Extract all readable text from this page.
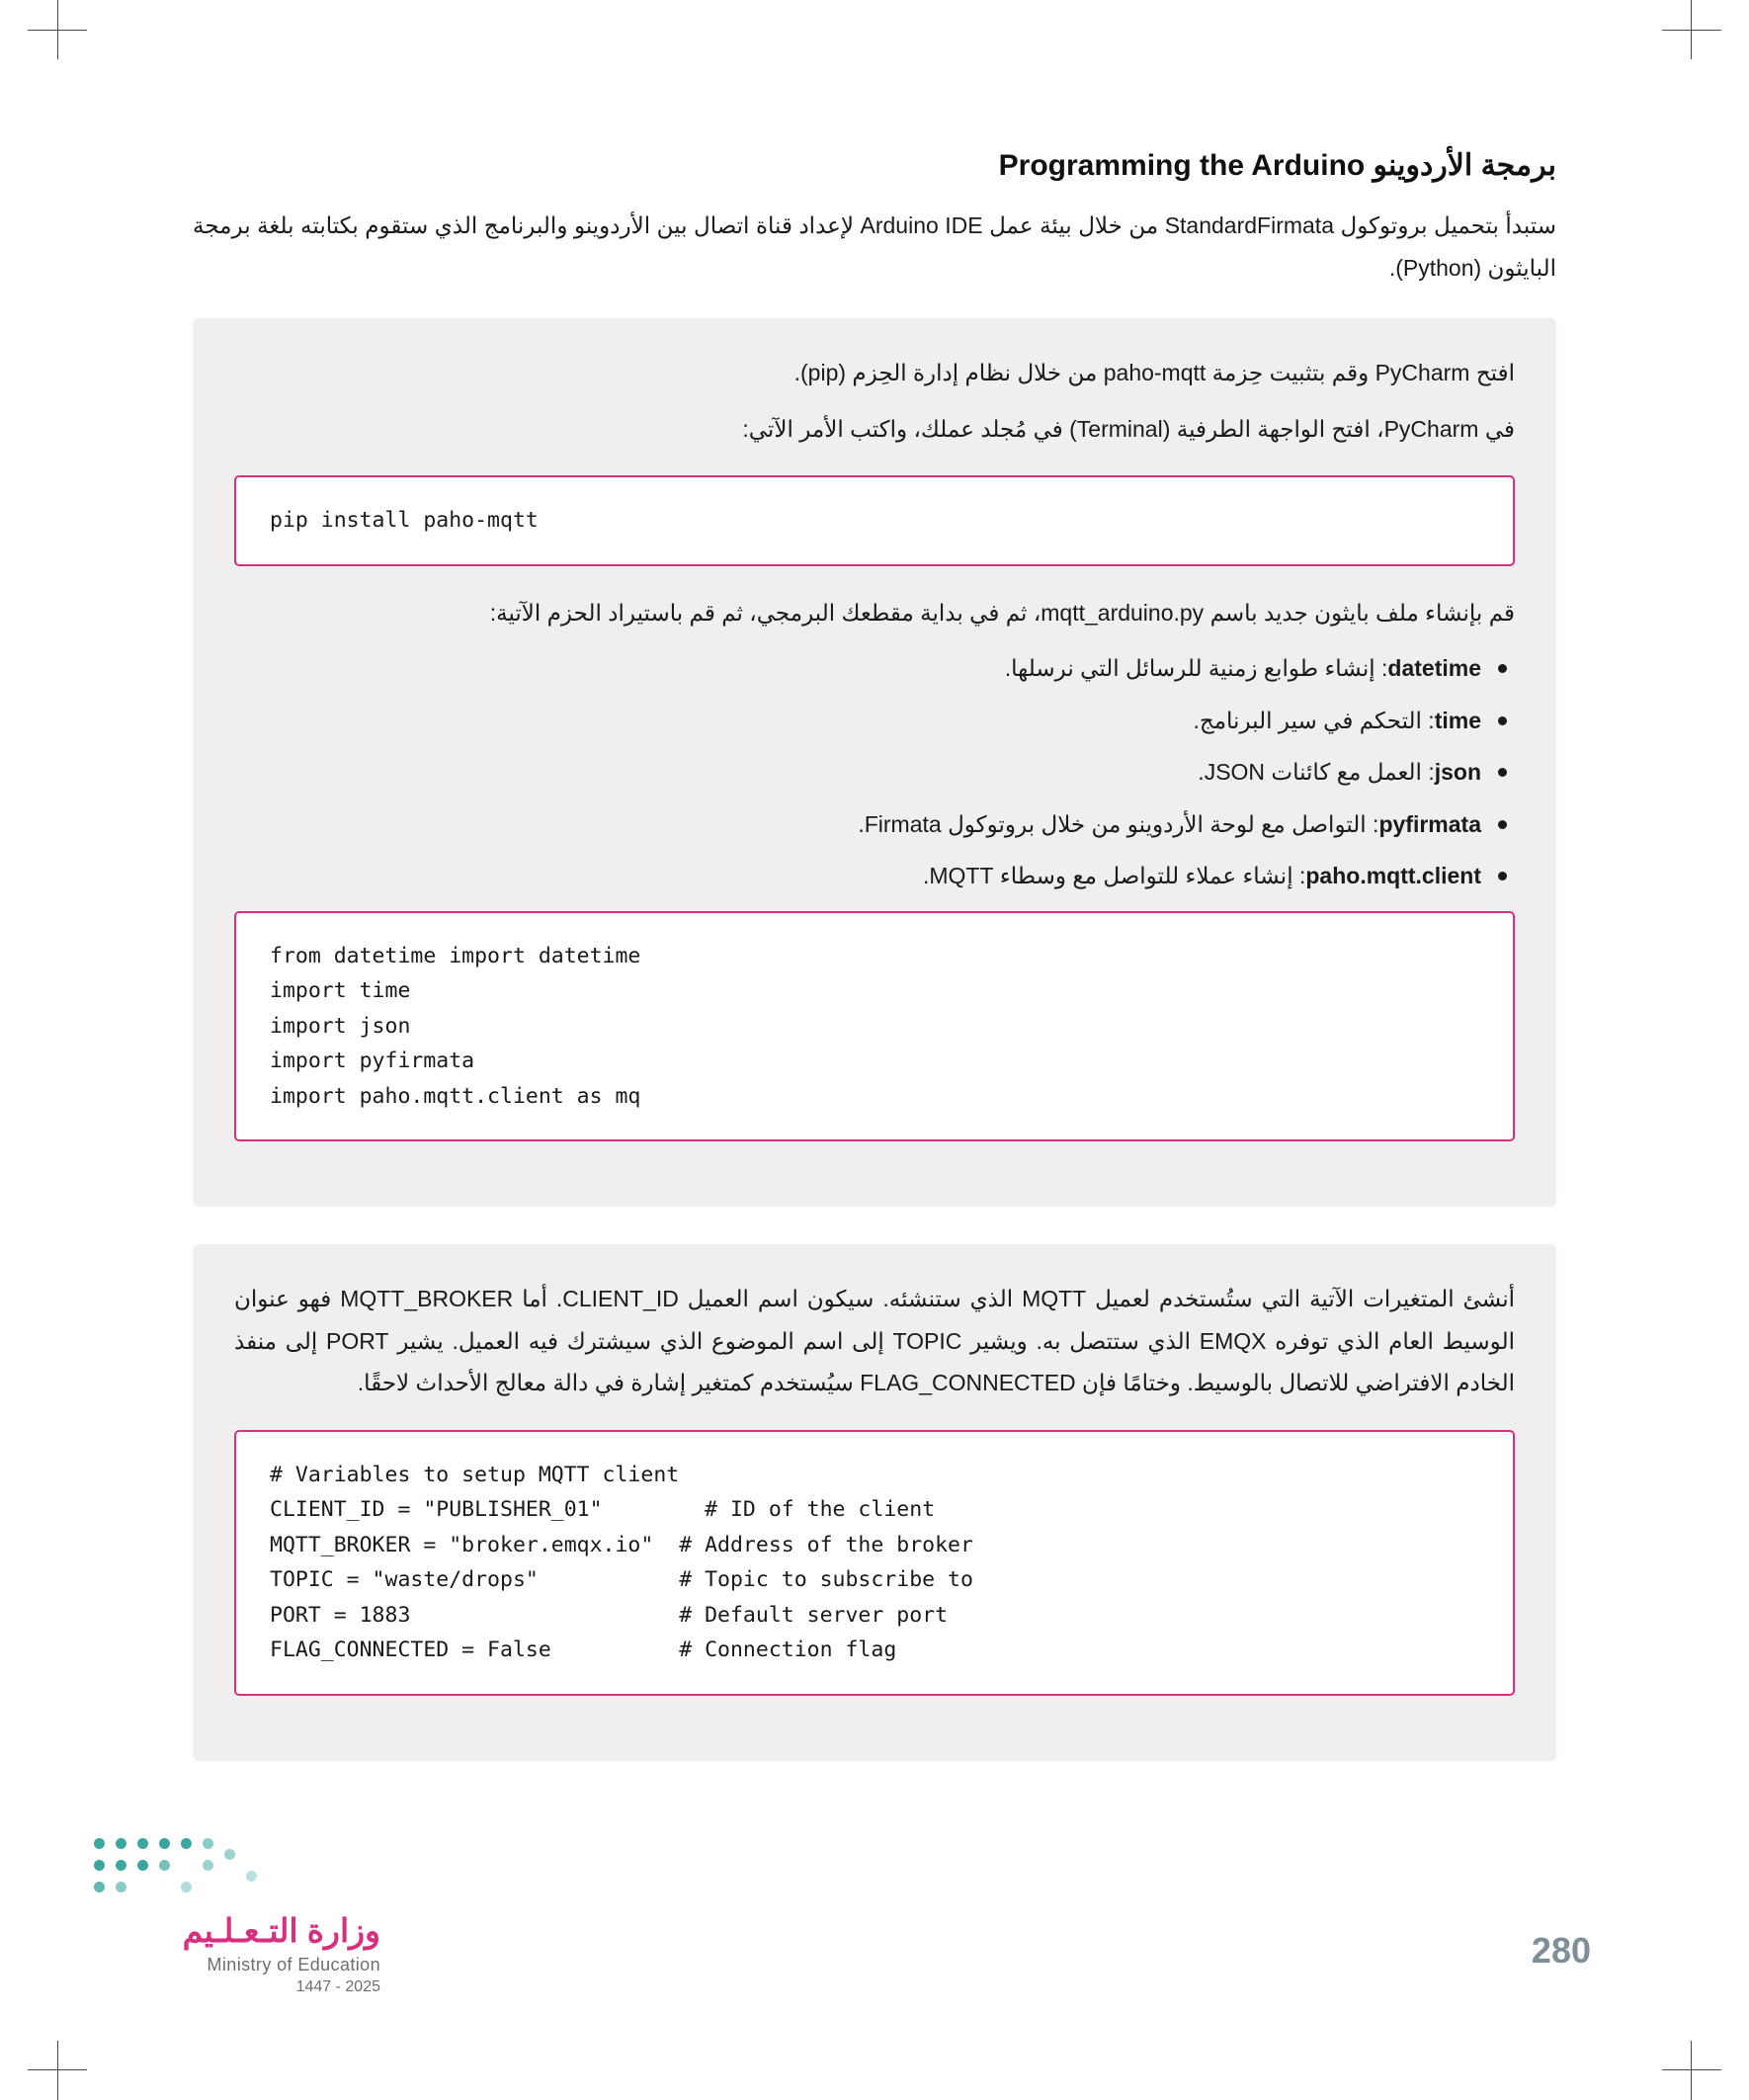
برمجة الأردوينو Programming the Arduino

ستبدأ بتحميل بروتوكول StandardFirmata من خلال بيئة عمل Arduino IDE لإعداد قناة اتصال بين الأردوينو والبرنامج الذي ستقوم بكتابته بلغة برمجة البايثون (Python).

افتح PyCharm وقم بتثبيت حِزمة paho-mqtt من خلال نظام إدارة الحِزم (pip).

في PyCharm، افتح الواجهة الطرفية (Terminal) في مُجلد عملك، واكتب الأمر الآتي:

pip install paho-mqtt

قم بإنشاء ملف بايثون جديد باسم mqtt_arduino.py، ثم في بداية مقطعك البرمجي، ثم قم باستيراد الحزم الآتية:

datetime: إنشاء طوابع زمنية للرسائل التي نرسلها.
time: التحكم في سير البرنامج.
json: العمل مع كائنات JSON.
pyfirmata: التواصل مع لوحة الأردوينو من خلال بروتوكول Firmata.
paho.mqtt.client: إنشاء عملاء للتواصل مع وسطاء MQTT.
from datetime import datetime
import time
import json
import pyfirmata
import paho.mqtt.client as mq

أنشئ المتغيرات الآتية التي ستُستخدم لعميل MQTT الذي ستنشئه. سيكون اسم العميل CLIENT_ID. أما MQTT_BROKER فهو عنوان الوسيط العام الذي توفره EMQX الذي ستتصل به. ويشير TOPIC إلى اسم الموضوع الذي سيشترك فيه العميل. يشير PORT إلى منفذ الخادم الافتراضي للاتصال بالوسيط. وختامًا فإن FLAG_CONNECTED سيُستخدم كمتغير إشارة في دالة معالج الأحداث لاحقًا.

# Variables to setup MQTT client
CLIENT_ID = "PUBLISHER_01"        # ID of the client
MQTT_BROKER = "broker.emqx.io"  # Address of the broker
TOPIC = "waste/drops"           # Topic to subscribe to
PORT = 1883                     # Default server port
FLAG_CONNECTED = False          # Connection flag

وزارة التـعـلـيم

Ministry of Education

2025 - 1447

280
